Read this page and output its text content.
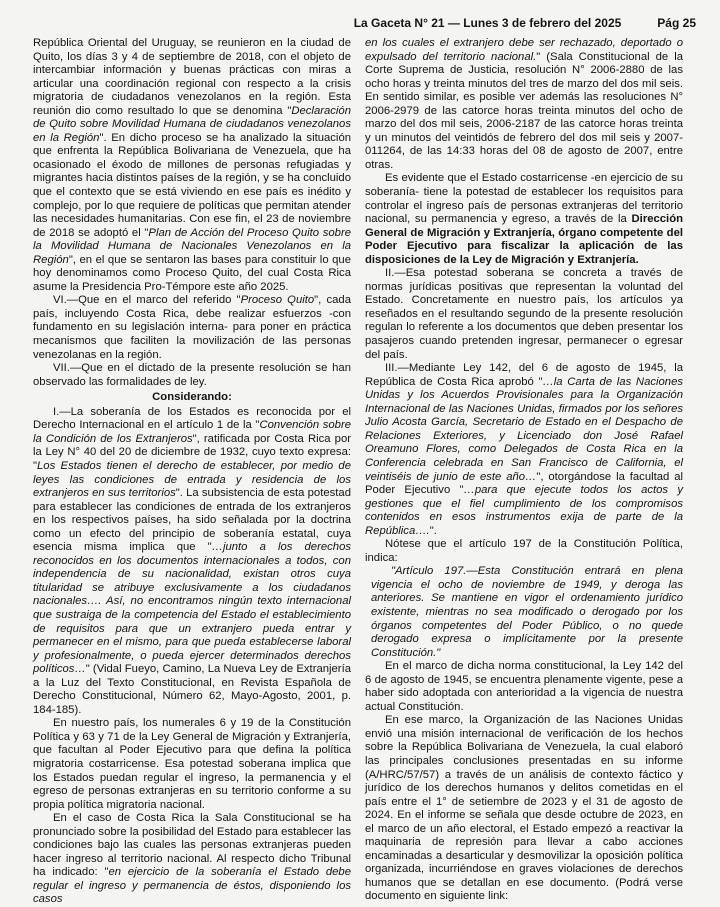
La Gaceta N° 21 — Lunes 3 de febrero del 2025	Pág 25

República Oriental del Uruguay, se reunieron en la ciudad de Quito, los días 3 y 4 de septiembre de 2018, con el objeto de intercambiar información y buenas prácticas con miras a articular una coordinación regional con respecto a la crisis migratoria de ciudadanos venezolanos en la región. Esta reunión dio como resultado lo que se denomina "Declaración de Quito sobre Movilidad Humana de ciudadanos venezolanos en la Región". En dicho proceso se ha analizado la situación que enfrenta la República Bolivariana de Venezuela, que ha ocasionado el éxodo de millones de personas refugiadas y migrantes hacia distintos países de la región, y se ha concluido que el contexto que se está viviendo en ese país es inédito y complejo, por lo que requiere de políticas que permitan atender las necesidades humanitarias. Con ese fin, el 23 de noviembre de 2018 se adoptó el "Plan de Acción del Proceso Quito sobre la Movilidad Humana de Nacionales Venezolanos en la Región", en el que se sentaron las bases para constituir lo que hoy denominamos como Proceso Quito, del cual Costa Rica asume la Presidencia Pro-Témpore este año 2025.

VI.—Que en el marco del referido "Proceso Quito", cada país, incluyendo Costa Rica, debe realizar esfuerzos -con fundamento en su legislación interna- para poner en práctica mecanismos que faciliten la movilización de las personas venezolanas en la región.

VII.—Que en el dictado de la presente resolución se han observado las formalidades de ley.

Considerando:

I.—La soberanía de los Estados es reconocida por el Derecho Internacional en el artículo 1 de la "Convención sobre la Condición de los Extranjeros", ratificada por Costa Rica por la Ley N° 40 del 20 de diciembre de 1932, cuyo texto expresa: "Los Estados tienen el derecho de establecer, por medio de leyes las condiciones de entrada y residencia de los extranjeros en sus territorios". La subsistencia de esta potestad para establecer las condiciones de entrada de los extranjeros en los respectivos países, ha sido señalada por la doctrina como un efecto del principio de soberanía estatal, cuya esencia misma implica que "…junto a los derechos reconocidos en los documentos internacionales a todos, con independencia de su nacionalidad, existan otros cuya titularidad se atribuye exclusivamente a los ciudadanos nacionales…. Así, no encontramos ningún texto internacional que sustraiga de la competencia del Estado el establecimiento de requisitos para que un extranjero pueda entrar y permanecer en el mismo, para que pueda establecerse laboral y profesionalmente, o pueda ejercer determinados derechos políticos…" (Vidal Fueyo, Camino, La Nueva Ley de Extranjería a la Luz del Texto Constitucional, en Revista Española de Derecho Constitucional, Número 62, Mayo-Agosto, 2001, p. 184-185).

En nuestro país, los numerales 6 y 19 de la Constitución Política y 63 y 71 de la Ley General de Migración y Extranjería, que facultan al Poder Ejecutivo para que defina la política migratoria costarricense. Esa potestad soberana implica que los Estados puedan regular el ingreso, la permanencia y el egreso de personas extranjeras en su territorio conforme a su propia política migratoria nacional.

En el caso de Costa Rica la Sala Constitucional se ha pronunciado sobre la posibilidad del Estado para establecer las condiciones bajo las cuales las personas extranjeras pueden hacer ingreso al territorio nacional. Al respecto dicho Tribunal ha indicado: "en ejercicio de la soberanía el Estado debe regular el ingreso y permanencia de éstos, disponiendo los casos

en los cuales el extranjero debe ser rechazado, deportado o expulsado del territorio nacional." (Sala Constitucional de la Corte Suprema de Justicia, resolución N° 2006-2880 de las ocho horas y treinta minutos del tres de marzo del dos mil seis. En sentido similar, es posible ver además las resoluciones N° 2006-2979 de las catorce horas treinta minutos del ocho de marzo del dos mil seis, 2006-2187 de las catorce horas treinta y un minutos del veintidós de febrero del dos mil seis y 2007-011264, de las 14:33 horas del 08 de agosto de 2007, entre otras.

Es evidente que el Estado costarricense -en ejercicio de su soberanía- tiene la potestad de establecer los requisitos para controlar el ingreso país de personas extranjeras del territorio nacional, su permanencia y egreso, a través de la Dirección General de Migración y Extranjería, órgano competente del Poder Ejecutivo para fiscalizar la aplicación de las disposiciones de la Ley de Migración y Extranjería.

II.—Esa potestad soberana se concreta a través de normas jurídicas positivas que representan la voluntad del Estado. Concretamente en nuestro país, los artículos ya reseñados en el resultando segundo de la presente resolución regulan lo referente a los documentos que deben presentar los pasajeros cuando pretenden ingresar, permanecer o egresar del país.

III.—Mediante Ley 142, del 6 de agosto de 1945, la República de Costa Rica aprobó "…la Carta de las Naciones Unidas y los Acuerdos Provisionales para la Organización Internacional de las Naciones Unidas, firmados por los señores Julio Acosta García, Secretario de Estado en el Despacho de Relaciones Exteriores, y Licenciado don José Rafael Oreamuno Flores, como Delegados de Costa Rica en la Conferencia celebrada en San Francisco de California, el veintiséis de junio de este año…", otorgándose la facultad al Poder Ejecutivo "…para que ejecute todos los actos y gestiones que el fiel cumplimiento de los compromisos contenidos en esos instrumentos exija de parte de la República….".

Nótese que el artículo 197 de la Constitución Política, indica:

"Artículo 197.—Esta Constitución entrará en plena vigencia el ocho de noviembre de 1949, y deroga las anteriores. Se mantiene en vigor el ordenamiento jurídico existente, mientras no sea modificado o derogado por los órganos competentes del Poder Público, o no quede derogado expresa o implícitamente por la presente Constitución."

En el marco de dicha norma constitucional, la Ley 142 del 6 de agosto de 1945, se encuentra plenamente vigente, pese a haber sido adoptada con anterioridad a la vigencia de nuestra actual Constitución.

En ese marco, la Organización de las Naciones Unidas envió una misión internacional de verificación de los hechos sobre la República Bolivariana de Venezuela, la cual elaboró las principales conclusiones presentadas en su informe (A/HRC/57/57) a través de un análisis de contexto fáctico y jurídico de los derechos humanos y delitos cometidas en el país entre el 1° de setiembre de 2023 y el 31 de agosto de 2024. En el informe se señala que desde octubre de 2023, en el marco de un año electoral, el Estado empezó a reactivar la maquinaria de represión para llevar a cabo acciones encaminadas a desarticular y desmovilizar la oposición política organizada, incurriéndose en graves violaciones de derechos humanos que se detallan en ese documento. (Podrá verse documento en siguiente link:
